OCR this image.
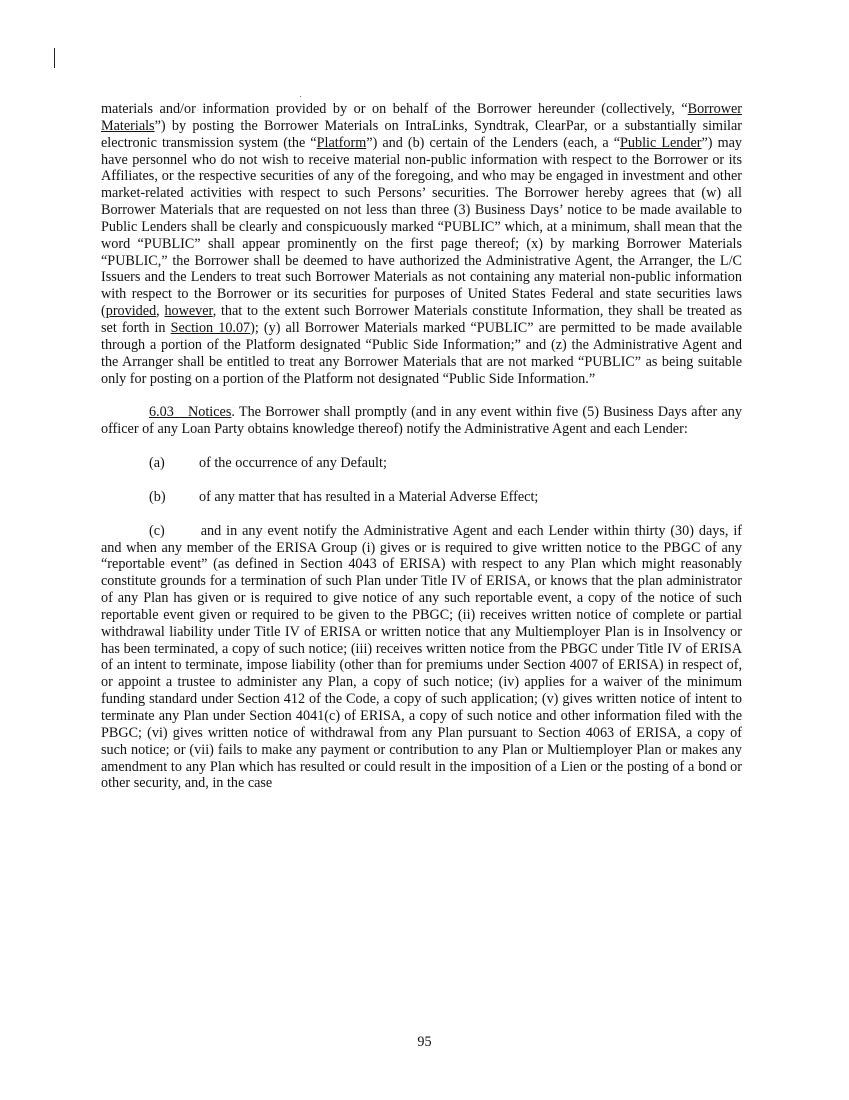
materials and/or information provided by or on behalf of the Borrower hereunder (collectively, “Borrower Materials”) by posting the Borrower Materials on IntraLinks, Syndtrak, ClearPar, or a substantially similar electronic transmission system (the “Platform”) and (b) certain of the Lenders (each, a “Public Lender”) may have personnel who do not wish to receive material non-public information with respect to the Borrower or its Affiliates, or the respective securities of any of the foregoing, and who may be engaged in investment and other market-related activities with respect to such Persons’ securities. The Borrower hereby agrees that (w) all Borrower Materials that are requested on not less than three (3) Business Days’ notice to be made available to Public Lenders shall be clearly and conspicuously marked “PUBLIC” which, at a minimum, shall mean that the word “PUBLIC” shall appear prominently on the first page thereof; (x) by marking Borrower Materials “PUBLIC,” the Borrower shall be deemed to have authorized the Administrative Agent, the Arranger, the L/C Issuers and the Lenders to treat such Borrower Materials as not containing any material non-public information with respect to the Borrower or its securities for purposes of United States Federal and state securities laws (provided, however, that to the extent such Borrower Materials constitute Information, they shall be treated as set forth in Section 10.07); (y) all Borrower Materials marked “PUBLIC” are permitted to be made available through a portion of the Platform designated “Public Side Information;” and (z) the Administrative Agent and the Arranger shall be entitled to treat any Borrower Materials that are not marked “PUBLIC” as being suitable only for posting on a portion of the Platform not designated “Public Side Information.”

6.03 Notices. The Borrower shall promptly (and in any event within five (5) Business Days after any officer of any Loan Party obtains knowledge thereof) notify the Administrative Agent and each Lender:

(a)	of the occurrence of any Default;
(b)	of any matter that has resulted in a Material Adverse Effect;

(c)	and in any event notify the Administrative Agent and each Lender within thirty (30) days, if and when any member of the ERISA Group (i) gives or is required to give written notice to the PBGC of any “reportable event” (as defined in Section 4043 of ERISA) with respect to any Plan which might reasonably constitute grounds for a termination of such Plan under Title IV of ERISA, or knows that the plan administrator of any Plan has given or is required to give notice of any such reportable event, a copy of the notice of such reportable event given or required to be given to the PBGC; (ii) receives written notice of complete or partial withdrawal liability under Title IV of ERISA or written notice that any Multiemployer Plan is in Insolvency or has been terminated, a copy of such notice; (iii) receives written notice from the PBGC under Title IV of ERISA of an intent to terminate, impose liability (other than for premiums under Section 4007 of ERISA) in respect of, or appoint a trustee to administer any Plan, a copy of such notice; (iv) applies for a waiver of the minimum funding standard under Section 412 of the Code, a copy of such application; (v) gives written notice of intent to terminate any Plan under Section 4041(c) of ERISA, a copy of such notice and other information filed with the PBGC; (vi) gives written notice of withdrawal from any Plan pursuant to Section 4063 of ERISA, a copy of such notice; or (vii) fails to make any payment or contribution to any Plan or Multiemployer Plan or makes any amendment to any Plan which has resulted or could result in the imposition of a Lien or the posting of a bond or other security, and, in the case

95
